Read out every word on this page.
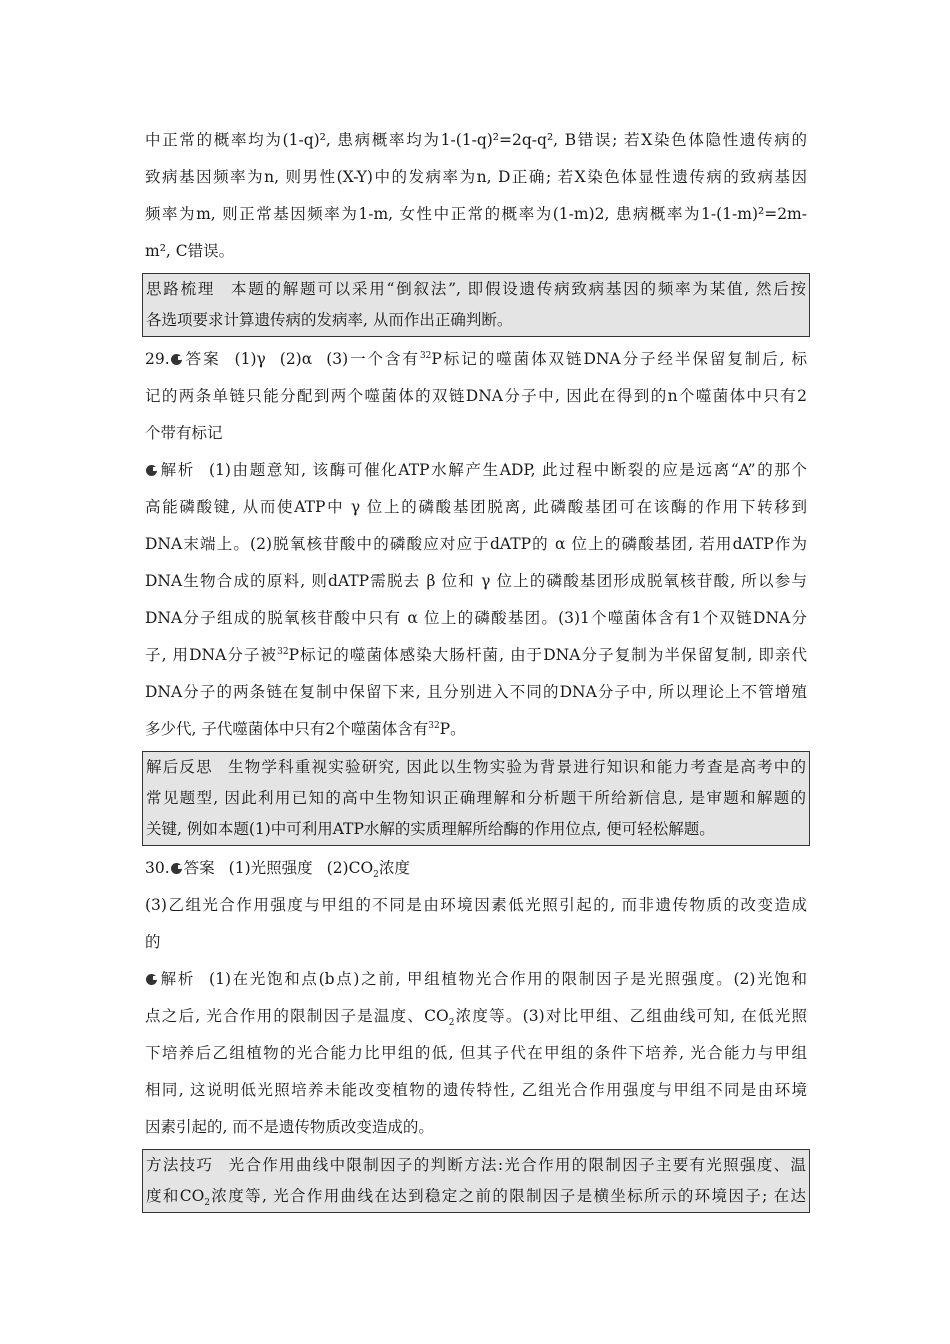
中正常的概率均为(1-q)², 患病概率均为1-(1-q)²=2q-q², B错误; 若X染色体隐性遗传病的
致病基因频率为n, 则男性(X-Y)中的发病率为n, D正确; 若X染色体显性遗传病的致病基因
频率为m, 则正常基因频率为1-m, 女性中正常的概率为(1-m)2, 患病概率为1-(1-m)²=2m-
m², C错误。
思路梳理 本题的解题可以采用“倒叙法”, 即假设遗传病致病基因的频率为某值, 然后按
各选项要求计算遗传病的发病率, 从而作出正确判断。
29. 答案 (1)γ (2)α (3)一个含有$^{32}$P标记的噬菌体双链DNA分子经半保留复制后, 标
记的两条单链只能分配到两个噬菌体的双链DNA分子中, 因此在得到的n个噬菌体中只有2
个带有标记
解析 (1)由题意知, 该酶可催化ATP水解产生ADP, 此过程中断裂的应是远离“A”的那个
高能磷酸键, 从而使ATP中 γ 位上的磷酸基团脱离, 此磷酸基团可在该酶的作用下转移到
DNA末端上。(2)脱氧核苷酸中的磷酸应对应于dATP的 α 位上的磷酸基团, 若用dATP作为
DNA生物合成的原料, 则dATP需脱去 β 位和 γ 位上的磷酸基团形成脱氧核苷酸, 所以参与
DNA分子组成的脱氧核苷酸中只有 α 位上的磷酸基团。(3)1个噬菌体含有1个双链DNA分
子, 用DNA分子被$^{32}$P标记的噬菌体感染大肠杆菌, 由于DNA分子复制为半保留复制, 即亲代
DNA分子的两条链在复制中保留下来, 且分别进入不同的DNA分子中, 所以理论上不管增殖
多少代, 子代噬菌体中只有2个噬菌体含有$^{32}$P。
解后反思 生物学科重视实验研究, 因此以生物实验为背景进行知识和能力考查是高考中的
常见题型, 因此利用已知的高中生物知识正确理解和分析题干所给新信息, 是审题和解题的
关键, 例如本题(1)中可利用ATP水解的实质理解所给酶的作用位点, 便可轻松解题。
30. 答案 (1)光照强度 $(2)CO_2$浓度
(3)乙组光合作用强度与甲组的不同是由环境因素低光照引起的, 而非遗传物质的改变造成
的
解析 (1)在光饱和点(b点)之前, 甲组植物光合作用的限制因子是光照强度。(2)光饱和
点之后, 光合作用的限制因子是温度、$CO_2$浓度等。(3)对比甲组、乙组曲线可知, 在低光照
下培养后乙组植物的光合能力比甲组的低, 但其子代在甲组的条件下培养, 光合能力与甲组
相同, 这说明低光照培养未能改变植物的遗传特性, 乙组光合作用强度与甲组不同是由环境
因素引起的, 而不是遗传物质改变造成的。
方法技巧 光合作用曲线中限制因子的判断方法:光合作用的限制因子主要有光照强度、温
度和$CO_2$浓度等, 光合作用曲线在达到稳定之前的限制因子是横坐标所示的环境因子; 在达
